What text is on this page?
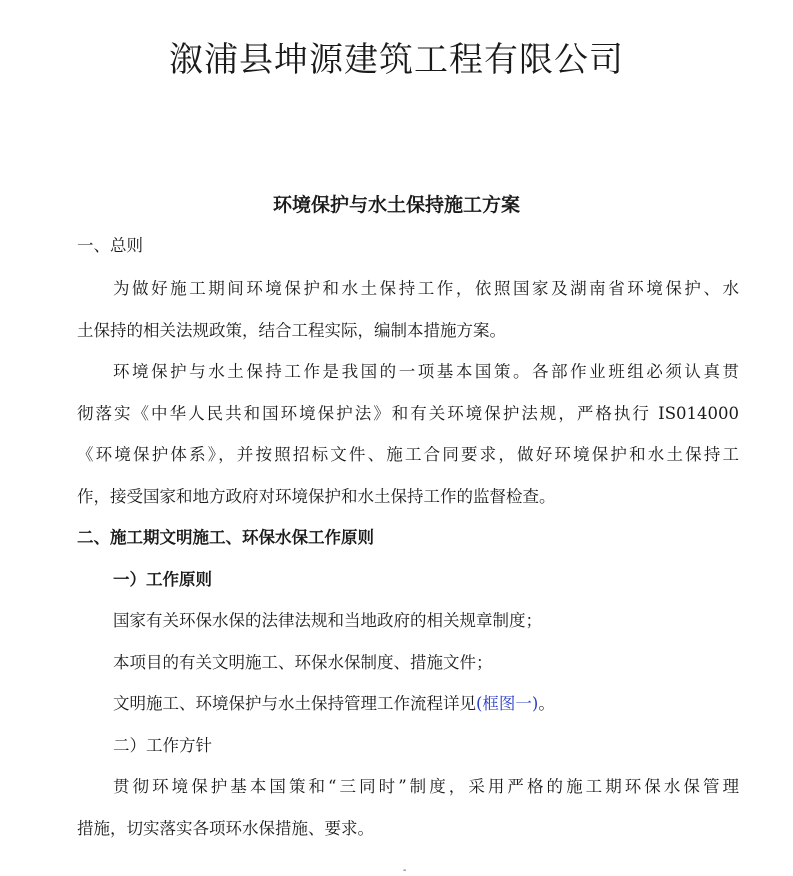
溆浦县坤源建筑工程有限公司
环境保护与水土保持施工方案
一、总则
为做好施工期间环境保护和水土保持工作，依照国家及湖南省环境保护、水
土保持的相关法规政策，结合工程实际，编制本措施方案。
环境保护与水土保持工作是我国的一项基本国策。各部作业班组必须认真贯
彻落实《中华人民共和国环境保护法》和有关环境保护法规，严格执行 IS014000
《环境保护体系》，并按照招标文件、施工合同要求，做好环境保护和水土保持工
作，接受国家和地方政府对环境保护和水土保持工作的监督检查。
二、施工期文明施工、环保水保工作原则
一）工作原则
国家有关环保水保的法律法规和当地政府的相关规章制度；
本项目的有关文明施工、环保水保制度、措施文件；
文明施工、环境保护与水土保持管理工作流程详见(框图一)。
二）工作方针
贯彻环境保护基本国策和“三同时”制度，采用严格的施工期环保水保管理
措施，切实落实各项环水保措施、要求。
-
